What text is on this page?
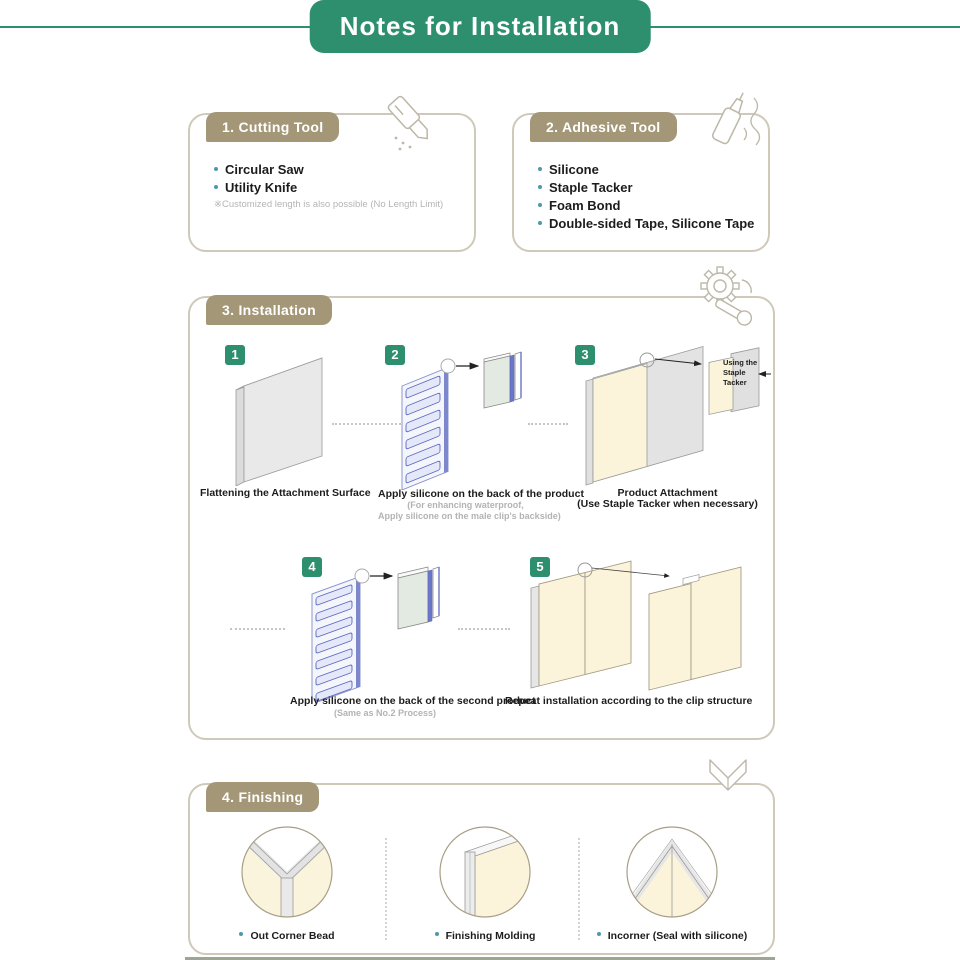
Notes for Installation
1. Cutting Tool
Circular Saw
Utility Knife
※Customized length is also possible (No Length Limit)
2. Adhesive Tool
Silicone
Staple Tacker
Foam Bond
Double-sided Tape, Silicone Tape
3. Installation
1
Flattening the Attachment Surface
2
Apply silicone on the back of the product
(For enhancing waterproof,
Apply silicone on the male clip's backside)
3
Using the
Staple Tacker
Product Attachment
(Use Staple Tacker when necessary)
4
Apply silicone on the back of the second product
(Same as No.2 Process)
5
Repeat installation according to the clip structure
4. Finishing
Out Corner Bead	Finishing Molding	Incorner (Seal with silicone)
